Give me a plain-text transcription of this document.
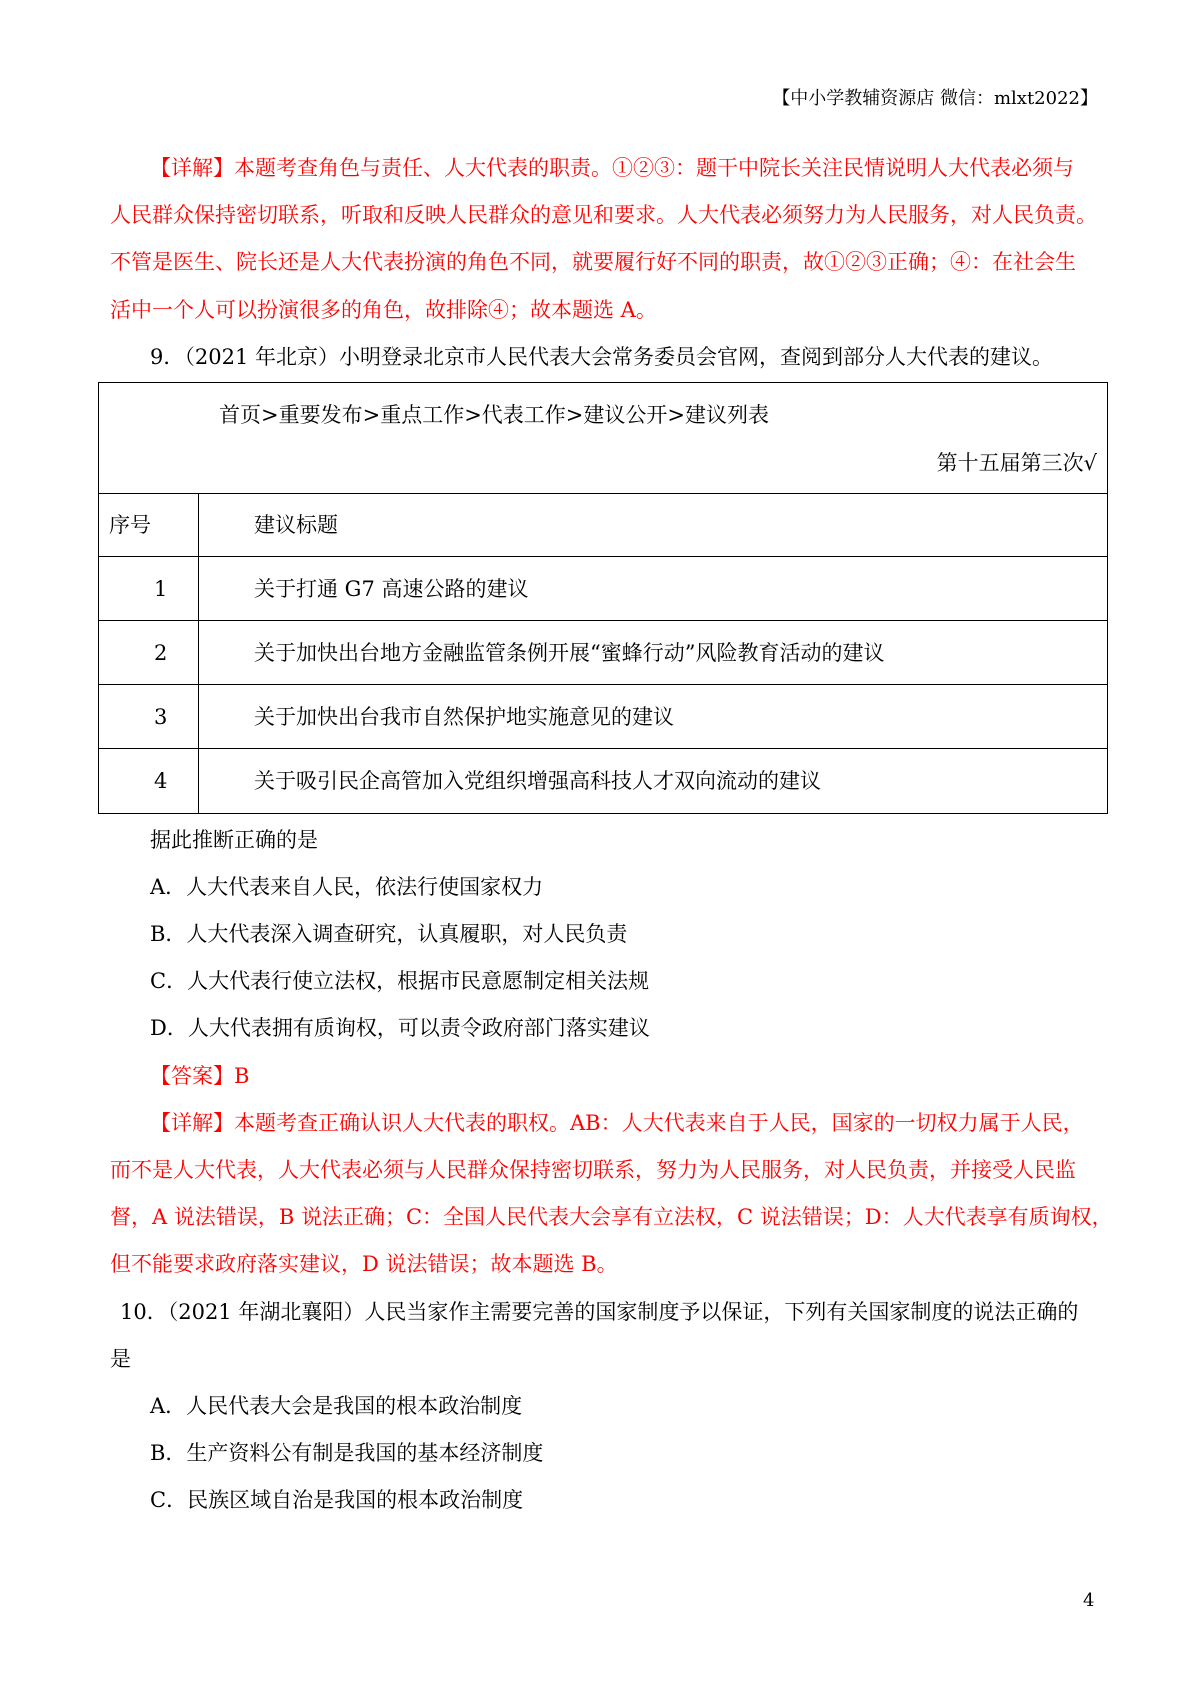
【中小学教辅资源店 微信：mlxt2022】
【详解】本题考查角色与责任、人大代表的职责。①②③：题干中院长关注民情说明人大代表必须与
人民群众保持密切联系，听取和反映人民群众的意见和要求。人大代表必须努力为人民服务，对人民负责。
不管是医生、院长还是人大代表扮演的角色不同，就要履行好不同的职责，故①②③正确；④：在社会生
活中一个人可以扮演很多的角色，故排除④；故本题选 A。
9．（2021 年北京）小明登录北京市人民代表大会常务委员会官网，查阅到部分人大代表的建议。
首页>重要发布>重点工作>代表工作>建议公开>建议列表
第十五届第三次√
序号	建议标题
1	关于打通 G7 高速公路的建议
2	关于加快出台地方金融监管条例开展“蜜蜂行动”风险教育活动的建议
3	关于加快出台我市自然保护地实施意见的建议
4	关于吸引民企高管加入党组织增强高科技人才双向流动的建议
据此推断正确的是
A．人大代表来自人民，依法行使国家权力
B．人大代表深入调查研究，认真履职，对人民负责
C．人大代表行使立法权，根据市民意愿制定相关法规
D．人大代表拥有质询权，可以责令政府部门落实建议
【答案】B
【详解】本题考查正确认识人大代表的职权。AB：人大代表来自于人民，国家的一切权力属于人民，
而不是人大代表，人大代表必须与人民群众保持密切联系，努力为人民服务，对人民负责，并接受人民监
督，A 说法错误，B 说法正确；C：全国人民代表大会享有立法权，C 说法错误；D：人大代表享有质询权，
但不能要求政府落实建议，D 说法错误；故本题选 B。
10．（2021 年湖北襄阳）人民当家作主需要完善的国家制度予以保证，下列有关国家制度的说法正确的
是
A．人民代表大会是我国的根本政治制度
B．生产资料公有制是我国的基本经济制度
C．民族区域自治是我国的根本政治制度
4
